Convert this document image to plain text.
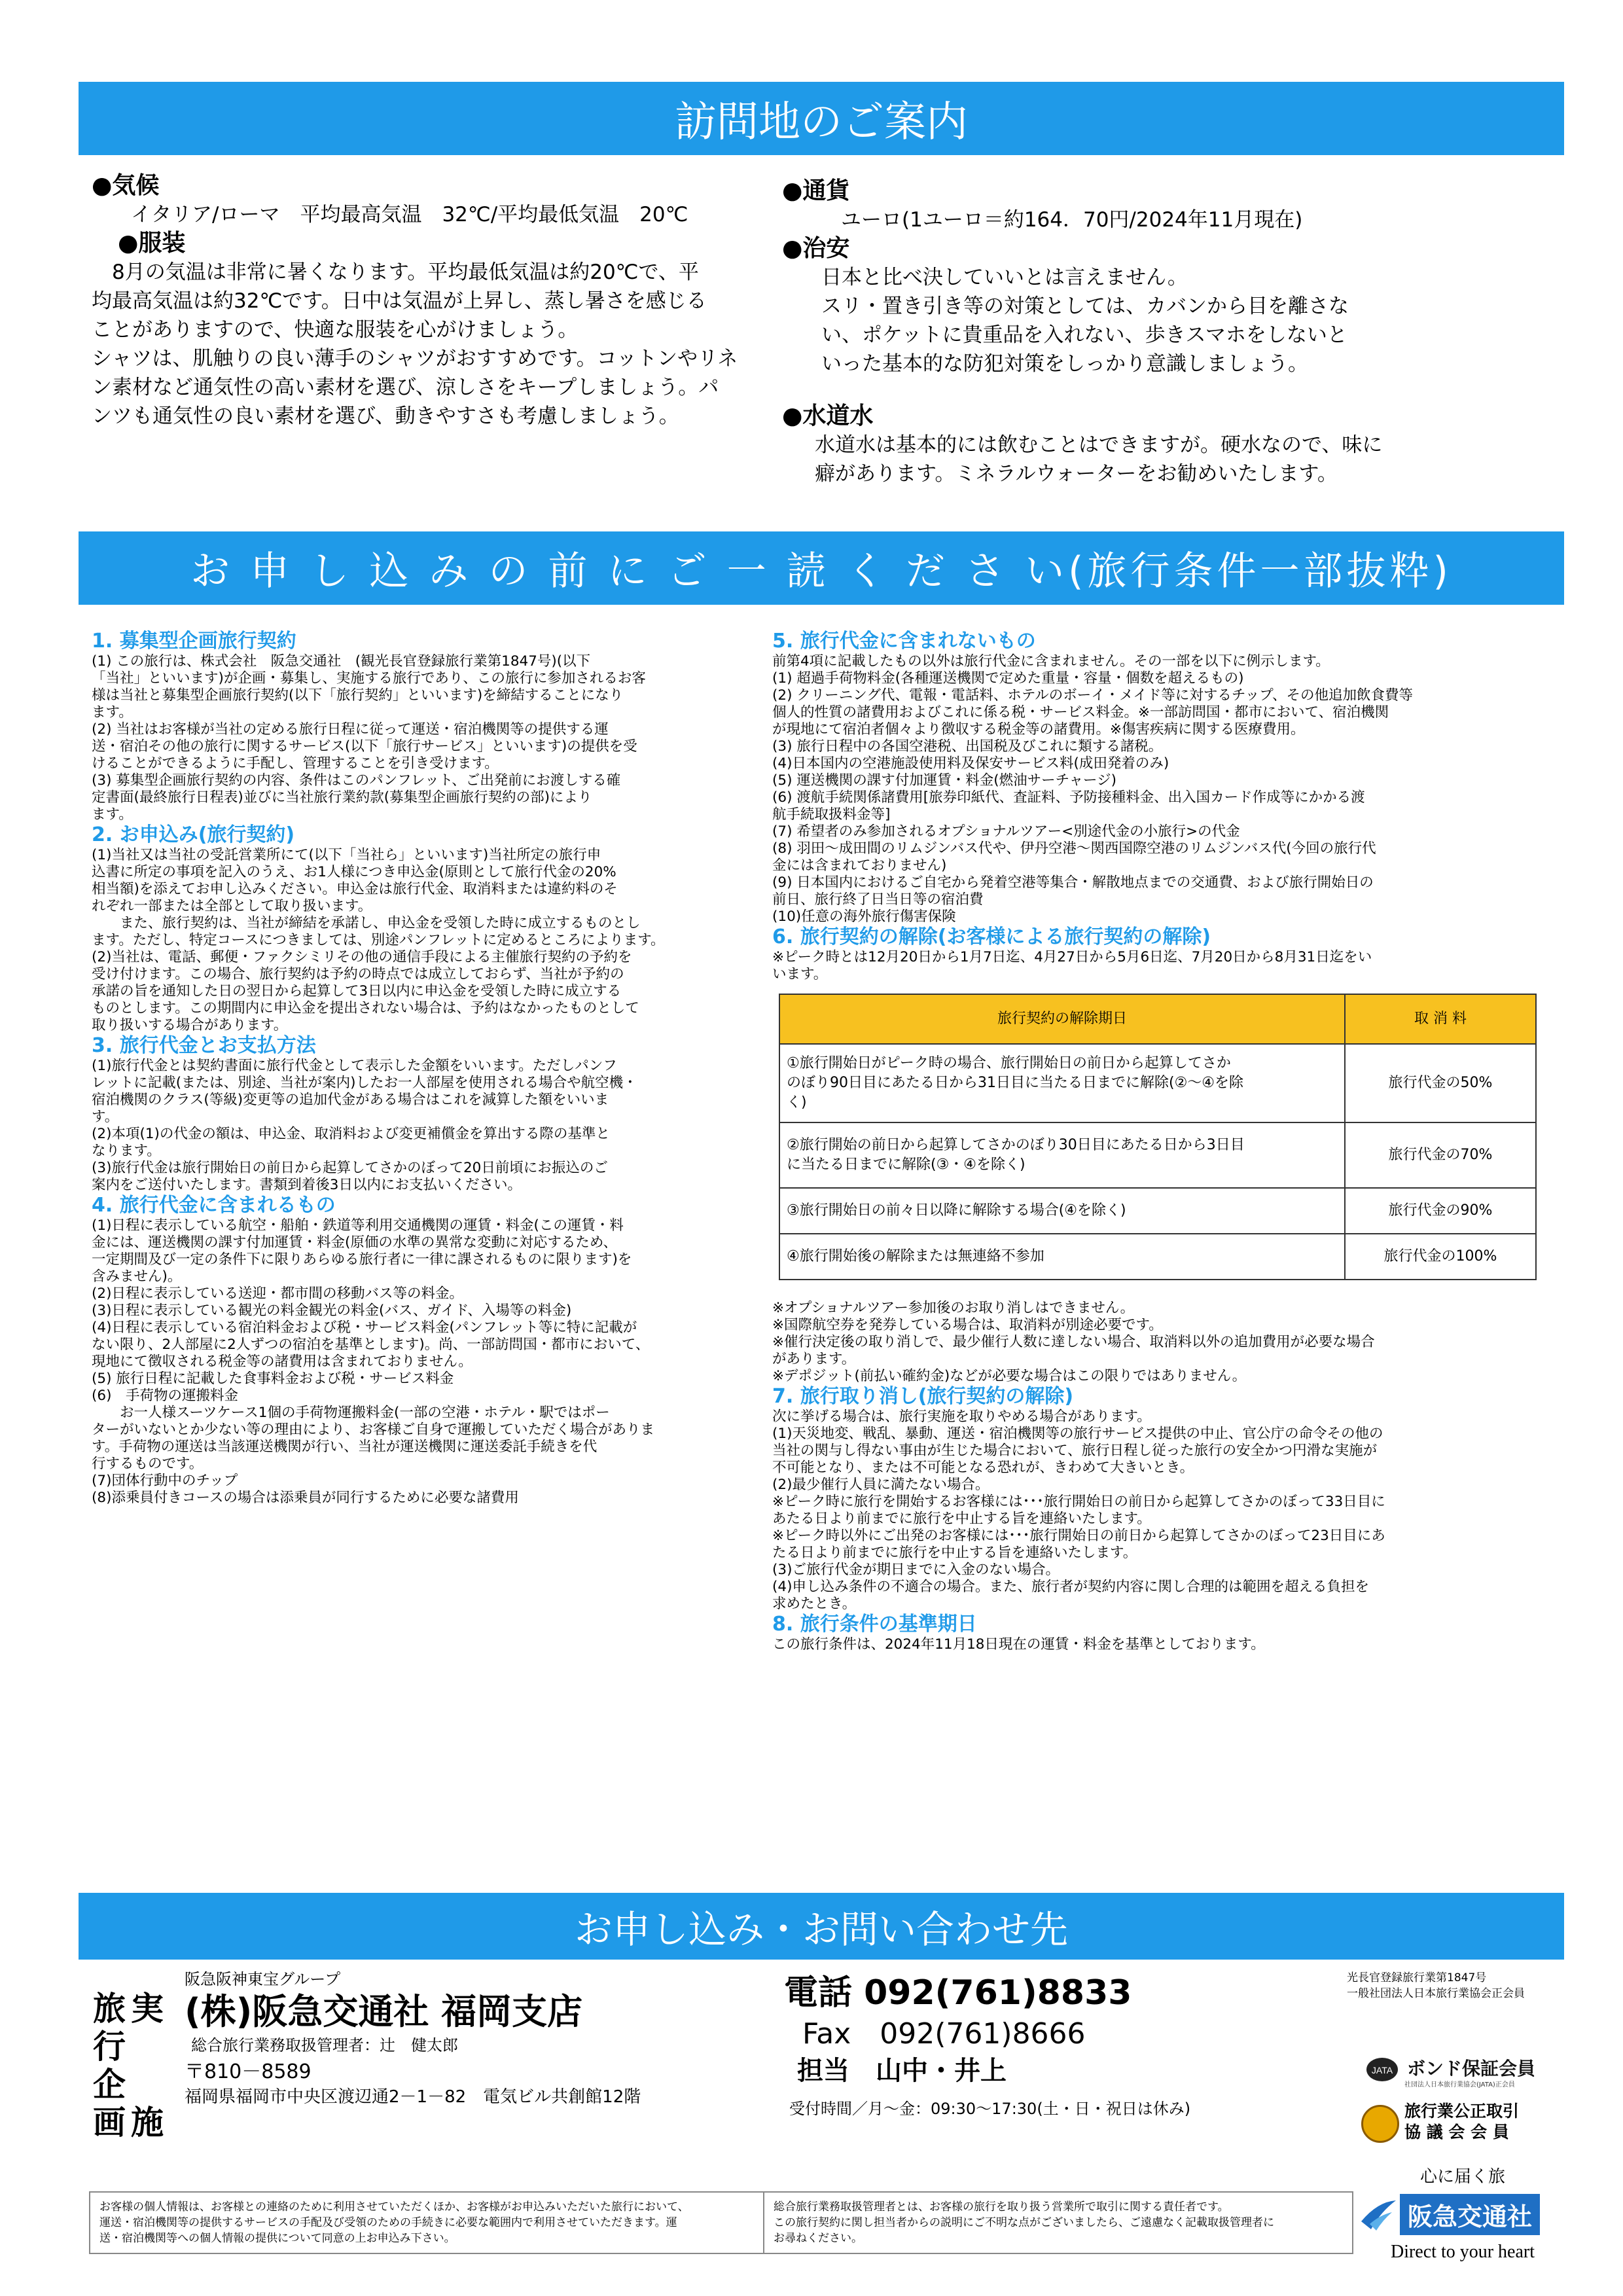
訪問地のご案内
●気候
イタリア/ローマ　平均最高気温　32℃/平均最低気温　20℃
●服装
　8月の気温は非常に暑くなります。平均最低気温は約20℃で、平
均最高気温は約32℃です。日中は気温が上昇し、蒸し暑さを感じる
ことがありますので、快適な服装を心がけましょう。
シャツは、肌触りの良い薄手のシャツがおすすめです。コットンやリネ
ン素材など通気性の高い素材を選び、涼しさをキープしましょう。パ
ンツも通気性の良い素材を選び、動きやすさも考慮しましょう。
●通貨
ユーロ(1ユーロ＝約164．70円/2024年11月現在)
●治安
日本と比べ決していいとは言えません。
スリ・置き引き等の対策としては、カバンから目を離さな
い、ポケットに貴重品を入れない、歩きスマホをしないと
いった基本的な防犯対策をしっかり意識しましょう。
●水道水
水道水は基本的には飲むことはできますが。硬水なので、味に
癖があります。ミネラルウォーターをお勧めいたします。
お 申 し 込 み の 前 に ご 一 読 く だ さ い(旅行条件一部抜粋)
1. 募集型企画旅行契約
(1) この旅行は、株式会社　阪急交通社　(観光長官登録旅行業第1847号)(以下
「当社」といいます)が企画・募集し、実施する旅行であり、この旅行に参加されるお客
様は当社と募集型企画旅行契約(以下「旅行契約」といいます)を締結することになり
ます。
(2) 当社はお客様が当社の定める旅行日程に従って運送・宿泊機関等の提供する運
送・宿泊その他の旅行に関するサービス(以下「旅行サービス」といいます)の提供を受
けることができるように手配し、管理することを引き受けます。
(3) 募集型企画旅行契約の内容、条件はこのパンフレット、ご出発前にお渡しする確
定書面(最終旅行日程表)並びに当社旅行業約款(募集型企画旅行契約の部)により
ます。
2. お申込み(旅行契約)
(1)当社又は当社の受託営業所にて(以下「当社ら」といいます)当社所定の旅行申
込書に所定の事項を記入のうえ、お1人様につき申込金(原則として旅行代金の20%
相当額)を添えてお申し込みください。申込金は旅行代金、取消料または違約料のそ
れぞれ一部または全部として取り扱います。
　　また、旅行契約は、当社が締結を承諾し、申込金を受領した時に成立するものとし
ます。ただし、特定コースにつきましては、別途パンフレットに定めるところによります。
(2)当社は、電話、郵便・ファクシミリその他の通信手段による主催旅行契約の予約を
受け付けます。この場合、旅行契約は予約の時点では成立しておらず、当社が予約の
承諾の旨を通知した日の翌日から起算して3日以内に申込金を受領した時に成立する
ものとします。この期間内に申込金を提出されない場合は、予約はなかったものとして
取り扱いする場合があります。
3. 旅行代金とお支払方法
(1)旅行代金とは契約書面に旅行代金として表示した金額をいいます。ただしパンフ
レットに記載(または、別途、当社が案内)したお一人部屋を使用される場合や航空機・
宿泊機関のクラス(等級)変更等の追加代金がある場合はこれを減算した額をいいま
す。
(2)本項(1)の代金の額は、申込金、取消料および変更補償金を算出する際の基準と
なります。
(3)旅行代金は旅行開始日の前日から起算してさかのぼって20日前頃にお振込のご
案内をご送付いたします。書類到着後3日以内にお支払いください。
4. 旅行代金に含まれるもの
(1)日程に表示している航空・船舶・鉄道等利用交通機関の運賃・料金(この運賃・料
金には、運送機関の課す付加運賃・料金(原価の水準の異常な変動に対応するため、
一定期間及び一定の条件下に限りあらゆる旅行者に一律に課されるものに限ります)を
含みません)。
(2)日程に表示している送迎・都市間の移動バス等の料金。
(3)日程に表示している観光の料金観光の料金(バス、ガイド、入場等の料金)
(4)日程に表示している宿泊料金および税・サービス料金(パンフレット等に特に記載が
ない限り、2人部屋に2人ずつの宿泊を基準とします)。尚、一部訪問国・都市において、
現地にて徴収される税金等の諸費用は含まれておりません。
(5) 旅行日程に記載した食事料金および税・サービス料金
(6)　手荷物の運搬料金
　　お一人様スーツケース1個の手荷物運搬料金(一部の空港・ホテル・駅ではポー
ターがいないとか少ない等の理由により、お客様ご自身で運搬していただく場合がありま
す。手荷物の運送は当該運送機関が行い、当社が運送機関に運送委託手続きを代
行するものです。
(7)団体行動中のチップ
(8)添乗員付きコースの場合は添乗員が同行するために必要な諸費用
5. 旅行代金に含まれないもの
前第4項に記載したもの以外は旅行代金に含まれません。その一部を以下に例示します。
(1) 超過手荷物料金(各種運送機関で定めた重量・容量・個数を超えるもの)
(2) クリーニング代、電報・電話料、ホテルのボーイ・メイド等に対するチップ、その他追加飲食費等
個人的性質の諸費用およびこれに係る税・サービス料金。※一部訪問国・都市において、宿泊機関
が現地にて宿泊者個々より徴収する税金等の諸費用。※傷害疾病に関する医療費用。
(3) 旅行日程中の各国空港税、出国税及びこれに類する諸税。
(4)日本国内の空港施設使用料及保安サービス料(成田発着のみ)
(5) 運送機関の課す付加運賃・料金(燃油サーチャージ)
(6) 渡航手続関係諸費用[旅券印紙代、査証料、予防接種料金、出入国カード作成等にかかる渡
航手続取扱料金等]
(7) 希望者のみ参加されるオプショナルツアー<別途代金の小旅行>の代金
(8) 羽田～成田間のリムジンバス代や、伊丹空港～関西国際空港のリムジンバス代(今回の旅行代
金には含まれておりません)
(9) 日本国内におけるご自宅から発着空港等集合・解散地点までの交通費、および旅行開始日の
前日、旅行終了日当日等の宿泊費
(10)任意の海外旅行傷害保険
6. 旅行契約の解除(お客様による旅行契約の解除)
※ピーク時とは12月20日から1月7日迄、4月27日から5月6日迄、7月20日から8月31日迄をい
います。
旅行契約の解除期日	取 消 料

①旅行開始日がピーク時の場合、旅行開始日の前日から起算してさか
のぼり90日目にあたる日から31日目に当たる日までに解除(②～④を除
く)	旅行代金の50%

②旅行開始の前日から起算してさかのぼり30日目にあたる日から3日目
に当たる日までに解除(③・④を除く)	旅行代金の70%

③旅行開始日の前々日以降に解除する場合(④を除く)	旅行代金の90%

④旅行開始後の解除または無連絡不参加	旅行代金の100%
※オプショナルツアー参加後のお取り消しはできません。
※国際航空券を発券している場合は、取消料が別途必要です。
※催行決定後の取り消しで、最少催行人数に達しない場合、取消料以外の追加費用が必要な場合
があります。
※デポジット(前払い確約金)などが必要な場合はこの限りではありません。
7. 旅行取り消し(旅行契約の解除)
次に挙げる場合は、旅行実施を取りやめる場合があります。
(1)天災地変、戦乱、暴動、運送・宿泊機関等の旅行サービス提供の中止、官公庁の命令その他の
当社の関与し得ない事由が生じた場合において、旅行日程し従った旅行の安全かつ円滑な実施が
不可能となり、または不可能となる恐れが、きわめて大きいとき。
(2)最少催行人員に満たない場合。
※ピーク時に旅行を開始するお客様には･･･旅行開始日の前日から起算してさかのぼって33日目に
あたる日より前までに旅行を中止する旨を連絡いたします。
※ピーク時以外にご出発のお客様には･･･旅行開始日の前日から起算してさかのぼって23日目にあ
たる日より前までに旅行を中止する旨を連絡いたします。
(3)ご旅行代金が期日までに入金のない場合。
(4)申し込み条件の不適合の場合。また、旅行者が契約内容に関し合理的は範囲を超える負担を
求めたとき。
8. 旅行条件の基準期日
この旅行条件は、2024年11月18日現在の運賃・料金を基準としております。
お申し込み・お問い合わせ先
旅
行
企
画
実
施
阪急阪神東宝グループ
(株)阪急交通社 福岡支店
総合旅行業務取扱管理者：辻　健太郎
〒810－8589
福岡県福岡市中央区渡辺通2－1－82　電気ビル共創館12階
電話 092(761)8833
Fax　092(761)8666
担当　山中・井上
受付時間／月～金：09:30～17:30(土・日・祝日は休み)
光長官登録旅行業第1847号
一般社団法人日本旅行業協会正会員
JATA ボンド保証会員
社団法人日本旅行業協会(JATA)正会員
旅行業公正取引
協 議 会 会 員
お客様の個人情報は、お客様との連絡のために利用させていただくほか、お客様がお申込みいただいた旅行において、
運送・宿泊機関等の提供するサービスの手配及び受領のための手続きに必要な範囲内で利用させていただきます。運
送・宿泊機関等への個人情報の提供について同意の上お申込み下さい。
総合旅行業務取扱管理者とは、お客様の旅行を取り扱う営業所で取引に関する責任者です。
この旅行契約に関し担当者からの説明にご不明な点がございましたら、ご遠慮なく記載取扱管理者に
お尋ねください。
心に届く旅
阪急交通社
Direct to your heart
